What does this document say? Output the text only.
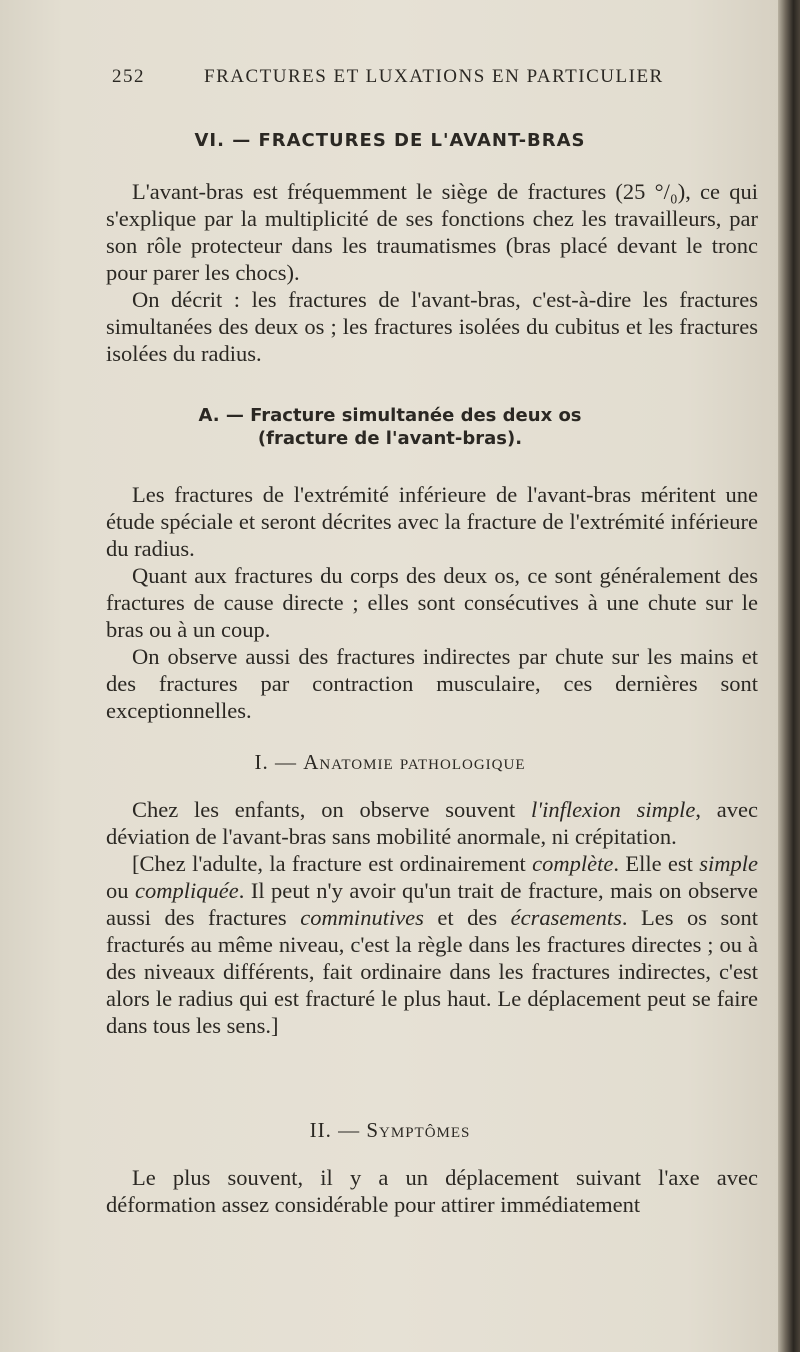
252	FRACTURES ET LUXATIONS EN PARTICULIER
VI. — FRACTURES DE L'AVANT-BRAS

L'avant-bras est fréquemment le siège de fractures (25 °/₀), ce qui s'explique par la multiplicité de ses fonctions chez les travailleurs, par son rôle protecteur dans les traumatismes (bras placé devant le tronc pour parer les chocs).

On décrit : les fractures de l'avant-bras, c'est-à-dire les fractures simultanées des deux os ; les fractures isolées du cubitus et les fractures isolées du radius.

A. — Fracture simultanée des deux os
(fracture de l'avant-bras).

Les fractures de l'extrémité inférieure de l'avant-bras méritent une étude spéciale et seront décrites avec la fracture de l'extrémité inférieure du radius.

Quant aux fractures du corps des deux os, ce sont généralement des fractures de cause directe ; elles sont consécutives à une chute sur le bras ou à un coup.

On observe aussi des fractures indirectes par chute sur les mains et des fractures par contraction musculaire, ces dernières sont exceptionnelles.

I. — Anatomie pathologique

Chez les enfants, on observe souvent l'inflexion simple, avec déviation de l'avant-bras sans mobilité anormale, ni crépitation.

[Chez l'adulte, la fracture est ordinairement complète. Elle est simple ou compliquée. Il peut n'y avoir qu'un trait de fracture, mais on observe aussi des fractures comminutives et des écrasements. Les os sont fracturés au même niveau, c'est la règle dans les fractures directes ; ou à des niveaux différents, fait ordinaire dans les fractures indirectes, c'est alors le radius qui est fracturé le plus haut. Le déplacement peut se faire dans tous les sens.]

II. — Symptômes

Le plus souvent, il y a un déplacement suivant l'axe avec déformation assez considérable pour attirer immédiatement
